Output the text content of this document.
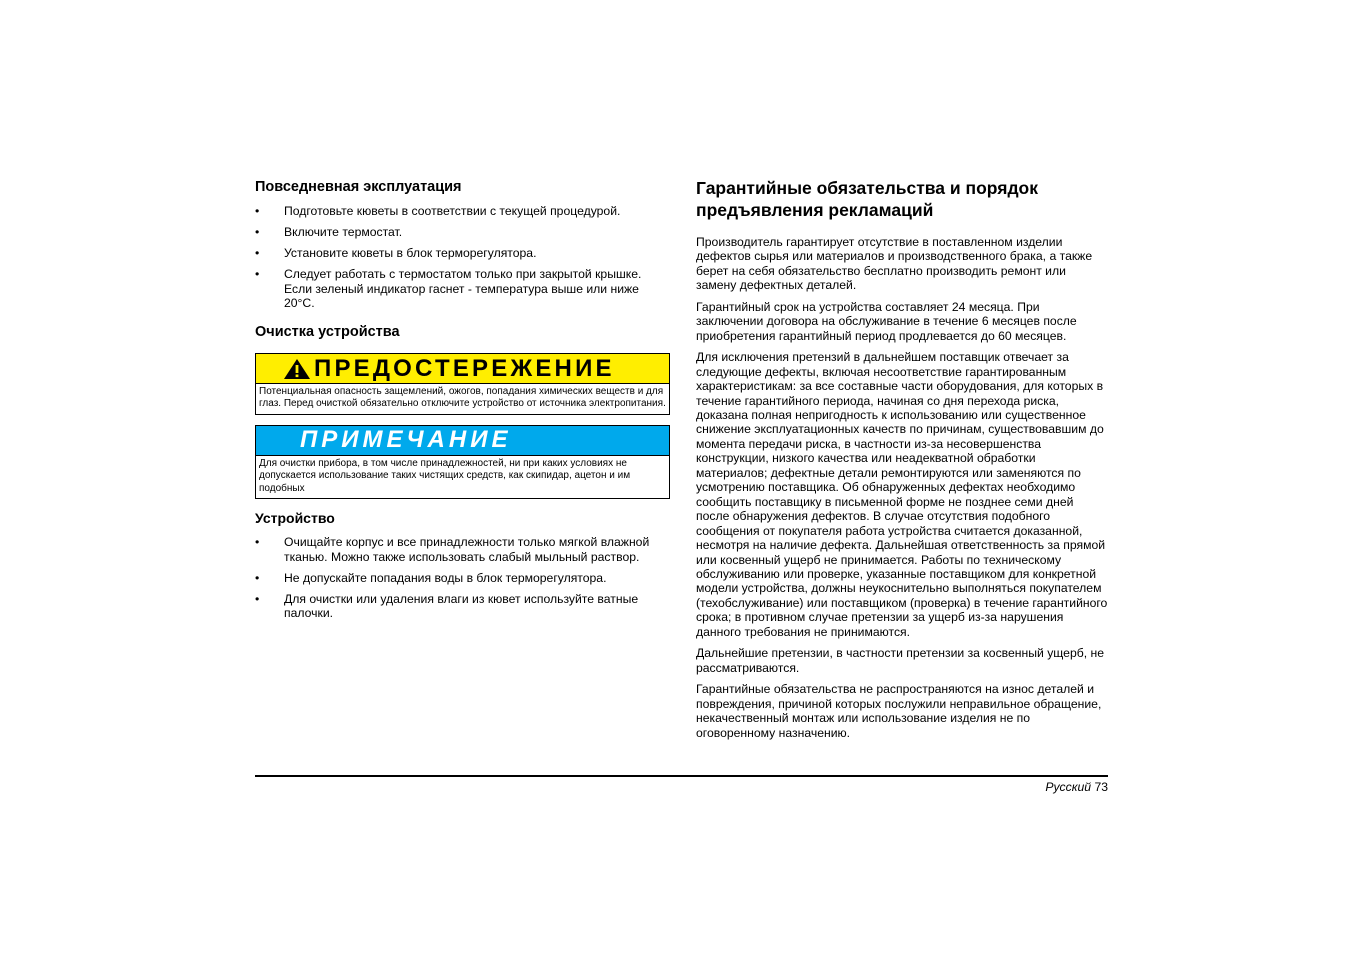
Повседневная эксплуатация
• Подготовьте кюветы в соответствии с текущей процедурой.
• Включите термостат.
• Установите кюветы в блок терморегулятора.
• Следует работать с термостатом только при закрытой крышке. Если зеленый индикатор гаснет - температура выше или ниже 20°C.
Очистка устройства
ПРЕДОСТЕРЕЖЕНИЕ
Потенциальная опасность защемлений, ожогов, попадания химических веществ и для глаз. Перед очисткой обязательно отключите устройство от источника электропитания.
ПРИМЕЧАНИЕ
Для очистки прибора, в том числе принадлежностей, ни при каких условиях не допускается использование таких чистящих средств, как скипидар, ацетон и им подобных
Устройство
• Очищайте корпус и все принадлежности только мягкой влажной тканью. Можно также использовать слабый мыльный раствор.
• Не допускайте попадания воды в блок терморегулятора.
• Для очистки или удаления влаги из кювет используйте ватные палочки.
Гарантийные обязательства и порядок предъявления рекламаций

Производитель гарантирует отсутствие в поставленном изделии дефектов сырья или материалов и производственного брака, а также берет на себя обязательство бесплатно производить ремонт или замену дефектных деталей.

Гарантийный срок на устройства составляет 24 месяца. При заключении договора на обслуживание в течение 6 месяцев после приобретения гарантийный период продлевается до 60 месяцев.

Для исключения претензий в дальнейшем поставщик отвечает за следующие дефекты, включая несоответствие гарантированным характеристикам: за все составные части оборудования, для которых в течение гарантийного периода, начиная со дня перехода риска, доказана полная непригодность к использованию или существенное снижение эксплуатационных качеств по причинам, существовавшим до момента передачи риска, в частности из-за несовершенства конструкции, низкого качества или неадекватной обработки материалов; дефектные детали ремонтируются или заменяются по усмотрению поставщика. Об обнаруженных дефектах необходимо сообщить поставщику в письменной форме не позднее семи дней после обнаружения дефектов. В случае отсутствия подобного сообщения от покупателя работа устройства считается доказанной, несмотря на наличие дефекта. Дальнейшая ответственность за прямой или косвенный ущерб не принимается. Работы по техническому обслуживанию или проверке, указанные поставщиком для конкретной модели устройства, должны неукоснительно выполняться покупателем (техобслуживание) или поставщиком (проверка) в течение гарантийного срока; в противном случае претензии за ущерб из-за нарушения данного требования не принимаются.

Дальнейшие претензии, в частности претензии за косвенный ущерб, не рассматриваются.

Гарантийные обязательства не распространяются на износ деталей и повреждения, причиной которых послужили неправильное обращение, некачественный монтаж или использование изделия не по оговоренному назначению.

Русский 73
